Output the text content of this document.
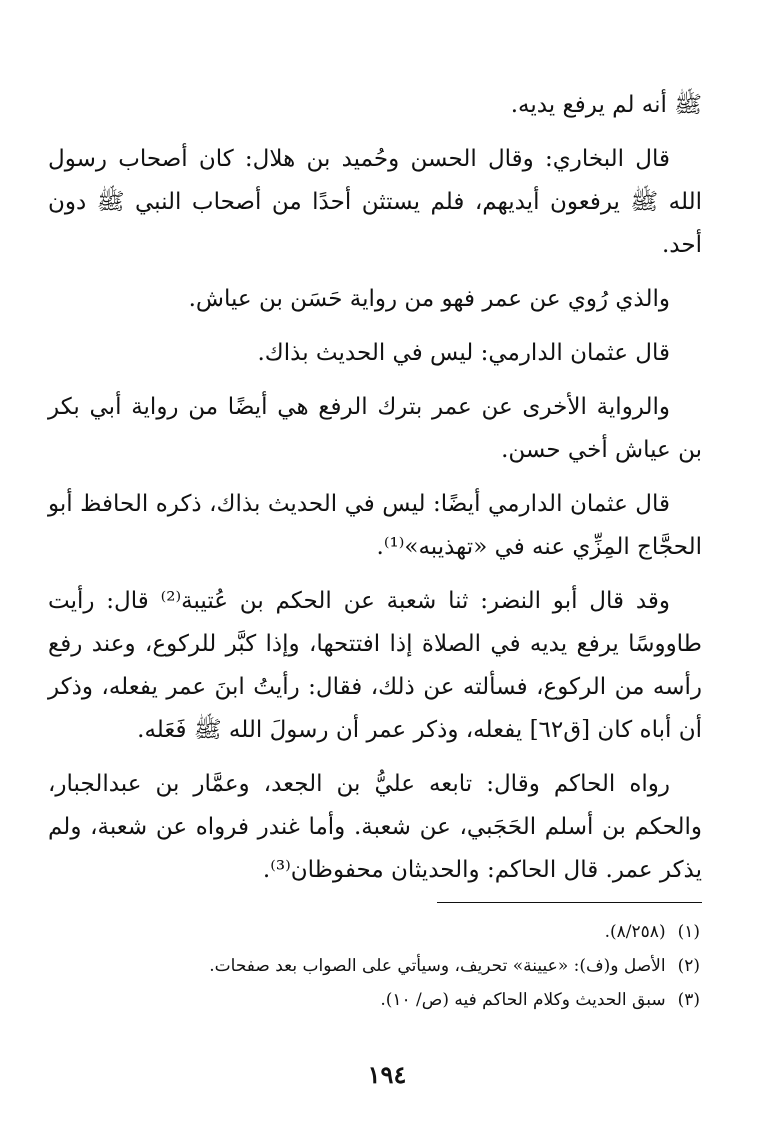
ﷺ أنه لم يرفع يديه.

قال البخاري: وقال الحسن وحُميد بن هلال: كان أصحاب رسول الله ﷺ يرفعون أيديهم، فلم يستثن أحدًا من أصحاب النبي ﷺ دون أحد.

والذي رُوي عن عمر فهو من رواية حَسَن بن عياش.

قال عثمان الدارمي: ليس في الحديث بذاك.

والرواية الأخرى عن عمر بترك الرفع هي أيضًا من رواية أبي بكر بن عياش أخي حسن.

قال عثمان الدارمي أيضًا: ليس في الحديث بذاك، ذكره الحافظ أبو الحجَّاج المِزِّي عنه في «تهذيبه»⁽¹⁾.

وقد قال أبو النضر: ثنا شعبة عن الحكم بن عُتيبة⁽²⁾ قال: رأيت طاووسًا يرفع يديه في الصلاة إذا افتتحها، وإذا كبَّر للركوع، وعند رفع رأسه من الركوع، فسألته عن ذلك، فقال: رأيتُ ابنَ عمر يفعله، وذكر أن أباه كان [ق٦٢] يفعله، وذكر عمر أن رسولَ الله ﷺ فَعَله.

رواه الحاكم وقال: تابعه عليُّ بن الجعد، وعمَّار بن عبدالجبار، والحكم بن أسلم الحَجَبي، عن شعبة. وأما غندر فرواه عن شعبة، ولم يذكر عمر. قال الحاكم: والحديثان محفوظان⁽³⁾.

(١)(٨/٢٥٨).

(٢)الأصل و(ف): «عيينة» تحريف، وسيأتي على الصواب بعد صفحات.

(٣)سبق الحديث وكلام الحاكم فيه (ص/ ١٠).

١٩٤
